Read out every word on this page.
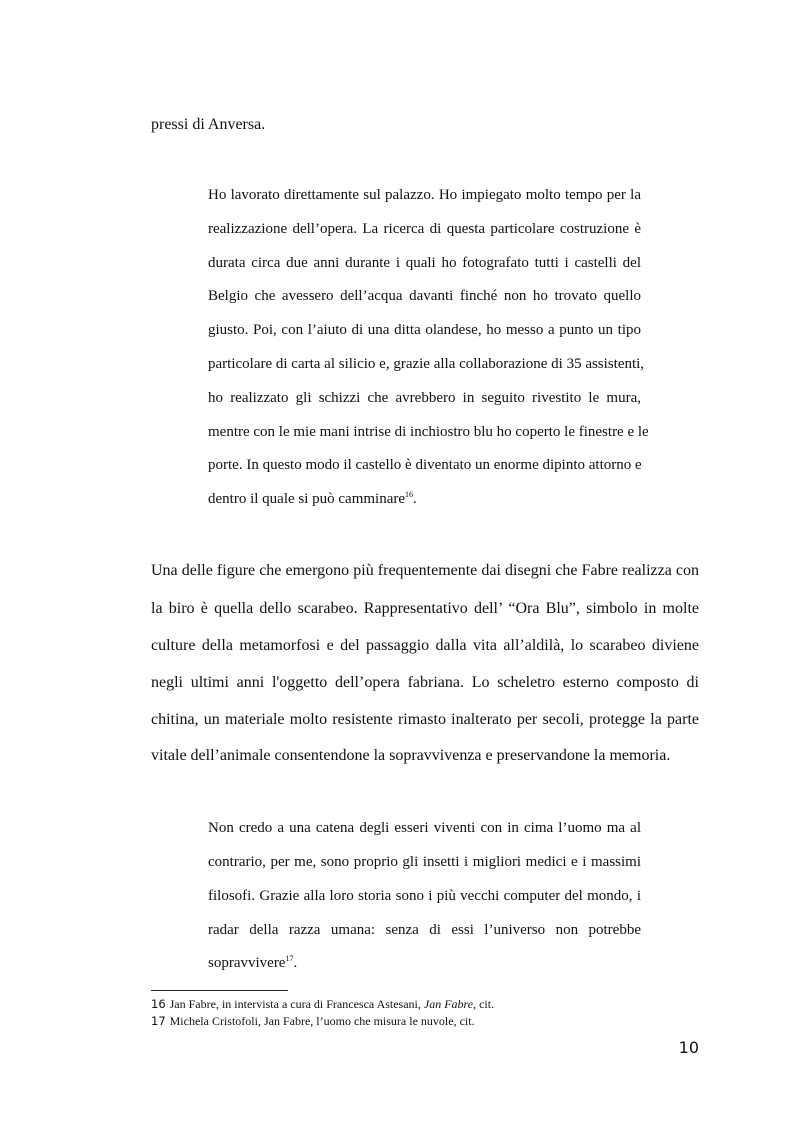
pressi di Anversa.
Ho lavorato direttamente sul palazzo. Ho impiegato molto tempo per la
realizzazione dell’opera. La ricerca di questa particolare costruzione è
durata circa due anni durante i quali ho fotografato tutti i castelli del
Belgio che avessero dell’acqua davanti finché non ho trovato quello
giusto. Poi, con l’aiuto di una ditta olandese, ho messo a punto un tipo
particolare di carta al silicio e, grazie alla collaborazione di 35 assistenti,
ho realizzato gli schizzi che avrebbero in seguito rivestito le mura,
mentre con le mie mani intrise di inchiostro blu ho coperto le finestre e le
porte. In questo modo il castello è diventato un enorme dipinto attorno e
dentro il quale si può camminare$^{16}$.
Una delle figure che emergono più frequentemente dai disegni che Fabre realizza con
la biro è quella dello scarabeo. Rappresentativo dell’ “Ora Blu”, simbolo in molte
culture della metamorfosi e del passaggio dalla vita all’aldilà, lo scarabeo diviene
negli ultimi anni l'oggetto dell’opera fabriana. Lo scheletro esterno composto di
chitina, un materiale molto resistente rimasto inalterato per secoli, protegge la parte
vitale dell’animale consentendone la sopravvivenza e preservandone la memoria.
Non credo a una catena degli esseri viventi con in cima l’uomo ma al
contrario, per me, sono proprio gli insetti i migliori medici e i massimi
filosofi. Grazie alla loro storia sono i più vecchi computer del mondo, i
radar della razza umana: senza di essi l’universo non potrebbe
sopravvivere$^{17}$.
16 Jan Fabre, in intervista a cura di Francesca Astesani, Jan Fabre, cit.
17 Michela Cristofoli, Jan Fabre, l’uomo che misura le nuvole, cit.
10
